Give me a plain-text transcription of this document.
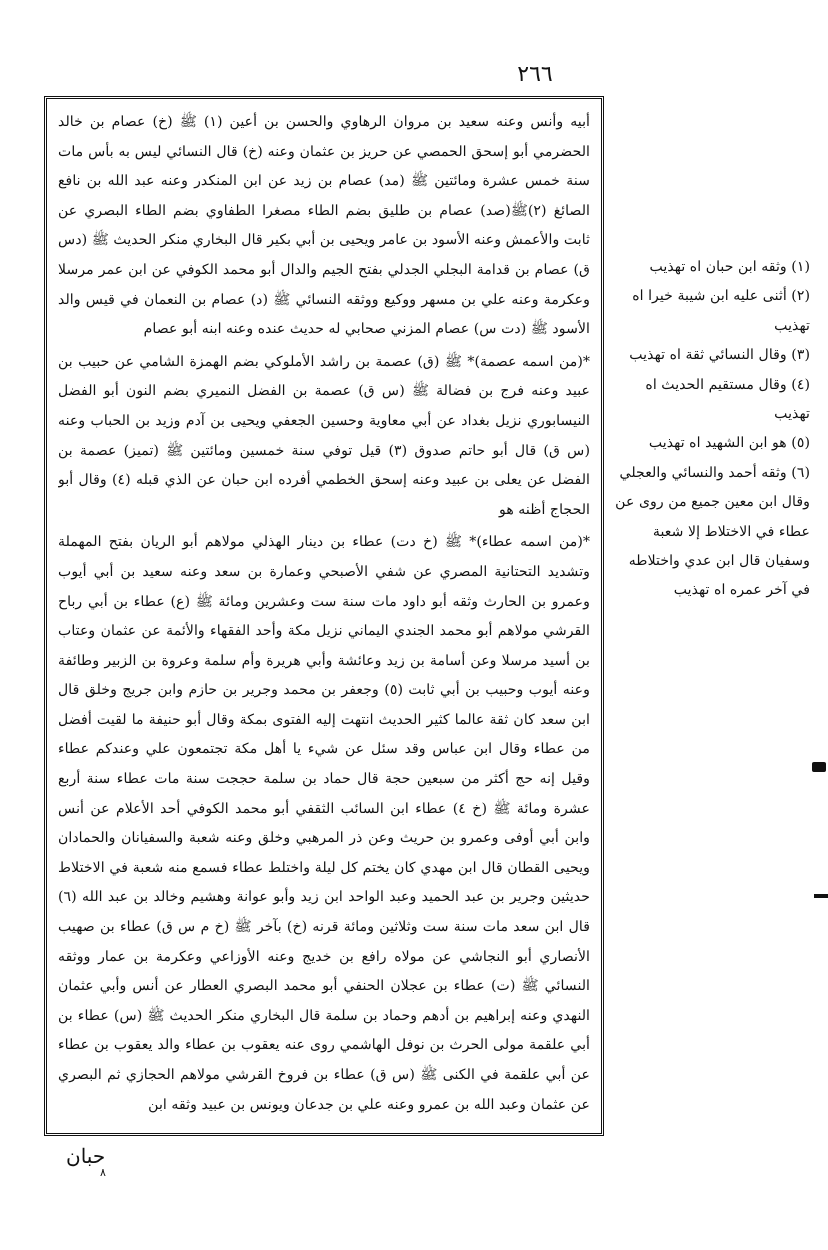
٢٦٦

أبيه وأنس وعنه سعيد بن مروان الرهاوي والحسن بن أعين (١) ﷺ (خ) عصام بن خالد الحضرمي أبو إسحق الحمصي عن حريز بن عثمان وعنه (خ) قال النسائي ليس به بأس مات سنة خمس عشرة ومائتين ﷺ (مد) عصام بن زيد عن ابن المنكدر وعنه عبد الله بن نافع الصائغ (٢)ﷺ(صد) عصام بن طليق بضم الطاء مصغرا الطفاوي بضم الطاء البصري عن ثابت والأعمش وعنه الأسود بن عامر ويحيى بن أبي بكير قال البخاري منكر الحديث ﷺ (دس ق) عصام بن قدامة البجلي الجدلي بفتح الجيم والدال أبو محمد الكوفي عن ابن عمر مرسلا وعكرمة وعنه علي بن مسهر ووكيع ووثقه النسائي ﷺ (د) عصام بن النعمان في قيس والد الأسود ﷺ (دت س) عصام المزني صحابي له حديث عنده وعنه ابنه أبو عصام

*(من اسمه عصمة)* ﷺ (ق) عصمة بن راشد الأملوكي بضم الهمزة الشامي عن حبيب بن عبيد وعنه فرج بن فضالة ﷺ (س ق) عصمة بن الفضل النميري بضم النون أبو الفضل النيسابوري نزيل بغداد عن أبي معاوية وحسين الجعفي ويحيى بن آدم وزيد بن الحباب وعنه (س ق) قال أبو حاتم صدوق (٣) قيل توفي سنة خمسين ومائتين ﷺ (تميز) عصمة بن الفضل عن يعلى بن عبيد وعنه إسحق الخطمي أفرده ابن حبان عن الذي قبله (٤) وقال أبو الحجاج أظنه هو

*(من اسمه عطاء)* ﷺ (خ دت) عطاء بن دينار الهذلي مولاهم أبو الريان بفتح المهملة وتشديد التحتانية المصري عن شفي الأصبحي وعمارة بن سعد وعنه سعيد بن أبي أيوب وعمرو بن الحارث وثقه أبو داود مات سنة ست وعشرين ومائة ﷺ (ع) عطاء بن أبي رباح القرشي مولاهم أبو محمد الجندي اليماني نزيل مكة وأحد الفقهاء والأئمة عن عثمان وعتاب بن أسيد مرسلا وعن أسامة بن زيد وعائشة وأبي هريرة وأم سلمة وعروة بن الزبير وطائفة وعنه أيوب وحبيب بن أبي ثابت (٥) وجعفر بن محمد وجرير بن حازم وابن جريج وخلق قال ابن سعد كان ثقة عالما كثير الحديث انتهت إليه الفتوى بمكة وقال أبو حنيفة ما لقيت أفضل من عطاء وقال ابن عباس وقد سئل عن شيء يا أهل مكة تجتمعون علي وعندكم عطاء وقيل إنه حج أكثر من سبعين حجة قال حماد بن سلمة حججت سنة مات عطاء سنة أربع عشرة ومائة ﷺ (خ ٤) عطاء ابن السائب الثقفي أبو محمد الكوفي أحد الأعلام عن أنس وابن أبي أوفى وعمرو بن حريث وعن ذر المرهبي وخلق وعنه شعبة والسفيانان والحمادان ويحيى القطان قال ابن مهدي كان يختم كل ليلة واختلط عطاء فسمع منه شعبة في الاختلاط حديثين وجرير بن عبد الحميد وعبد الواحد ابن زيد وأبو عوانة وهشيم وخالد بن عبد الله (٦) قال ابن سعد مات سنة ست وثلاثين ومائة قرنه (خ) بآخر ﷺ (خ م س ق) عطاء بن صهيب الأنصاري أبو النجاشي عن مولاه رافع بن خديج وعنه الأوزاعي وعكرمة بن عمار ووثقه النسائي ﷺ (ت) عطاء بن عجلان الحنفي أبو محمد البصري العطار عن أنس وأبي عثمان النهدي وعنه إبراهيم بن أدهم وحماد بن سلمة قال البخاري منكر الحديث ﷺ (س) عطاء بن أبي علقمة مولى الحرث بن نوفل الهاشمي روى عنه يعقوب بن عطاء والد يعقوب بن عطاء عن أبي علقمة في الكنى ﷺ (س ق) عطاء بن فروخ القرشي مولاهم الحجازي ثم البصري عن عثمان وعبد الله بن عمرو وعنه علي بن جدعان ويونس بن عبيد وثقه ابن

حبان
٨

(١) وثقه ابن حبان اه تهذيب

(٢) أثنى عليه ابن شيبة خيرا اه تهذيب

(٣) وقال النسائي ثقة اه تهذيب

(٤) وقال مستقيم الحديث اه تهذيب

(٥) هو ابن الشهيد اه تهذيب

(٦) وثقه أحمد والنسائي والعجلي وقال ابن معين جميع من روى عن عطاء في الاختلاط إلا شعبة وسفيان قال ابن عدي واختلاطه في آخر عمره اه تهذيب
